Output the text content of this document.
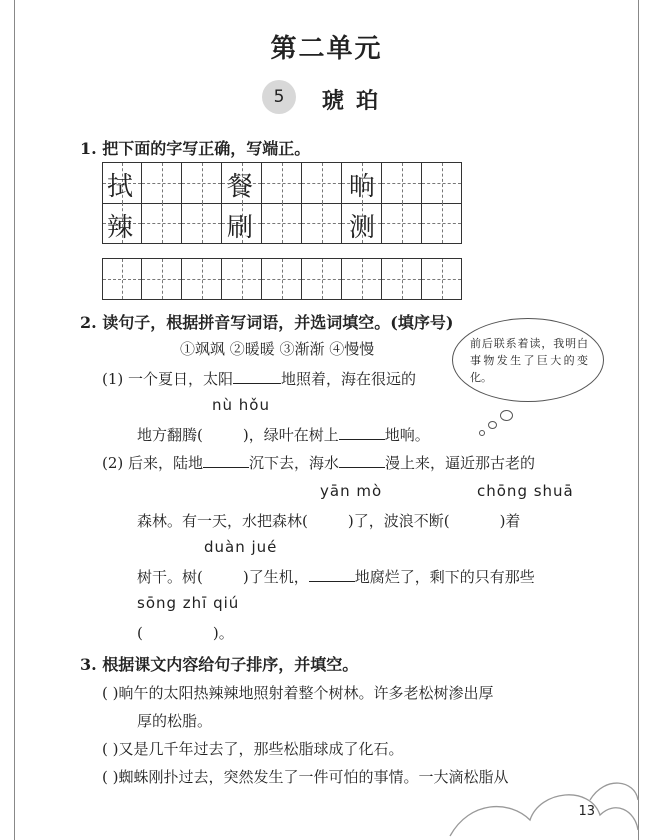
第二单元
5	琥珀
1. 把下面的字写正确，写端正。
拭	餐	晌
辣	刷	测
2. 读句子，根据拼音写词语，并选词填空。(填序号)
①飒飒 ②暖暖 ③渐渐 ④慢慢	前后联系着读，我明白事物发生了巨大的变化。
(1) 一个夏日，太阳	地照着，海在很远的
nù hǒu
地方翻腾(	)，绿叶在树上	地响。
(2) 后来，陆地	沉下去，海水	漫上来，逼近那古老的
yān mò	chōng shuā
森林。有一天，水把森林(	)了，波浪不断(	)着
duàn jué
树干。树(	)了生机，	地腐烂了，剩下的只有那些
sōng zhī qiú
(	)。
3. 根据课文内容给句子排序，并填空。
( )晌午的太阳热辣辣地照射着整个树林。许多老松树渗出厚
厚的松脂。
( )又是几千年过去了，那些松脂球成了化石。
( )蜘蛛刚扑过去，突然发生了一件可怕的事情。一大滴松脂从
13
